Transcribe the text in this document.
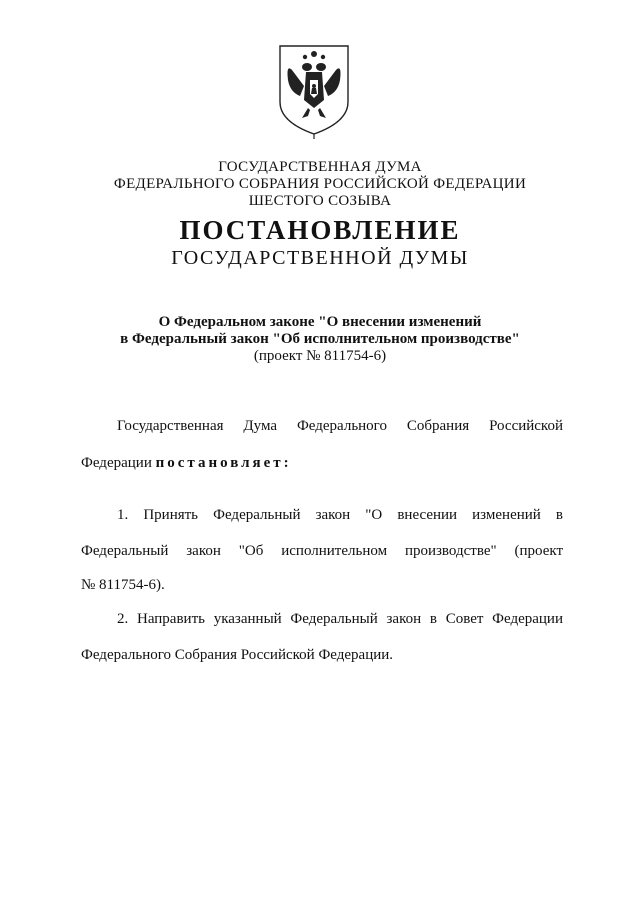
ГОСУДАРСТВЕННАЯ ДУМА
ФЕДЕРАЛЬНОГО СОБРАНИЯ РОССИЙСКОЙ ФЕДЕРАЦИИ
ШЕСТОГО СОЗЫВА
ПОСТАНОВЛЕНИЕ
ГОСУДАРСТВЕННОЙ ДУМЫ
О Федеральном законе "О внесении изменений
в Федеральный закон "Об исполнительном производстве"
(проект № 811754-6)
Государственная Дума Федерального Собрания Российской
Федерации постановляет:
1. Принять Федеральный закон "О внесении изменений в
Федеральный закон "Об исполнительном производстве" (проект
№ 811754-6).
2. Направить указанный Федеральный закон в Совет Федерации
Федерального Собрания Российской Федерации.
